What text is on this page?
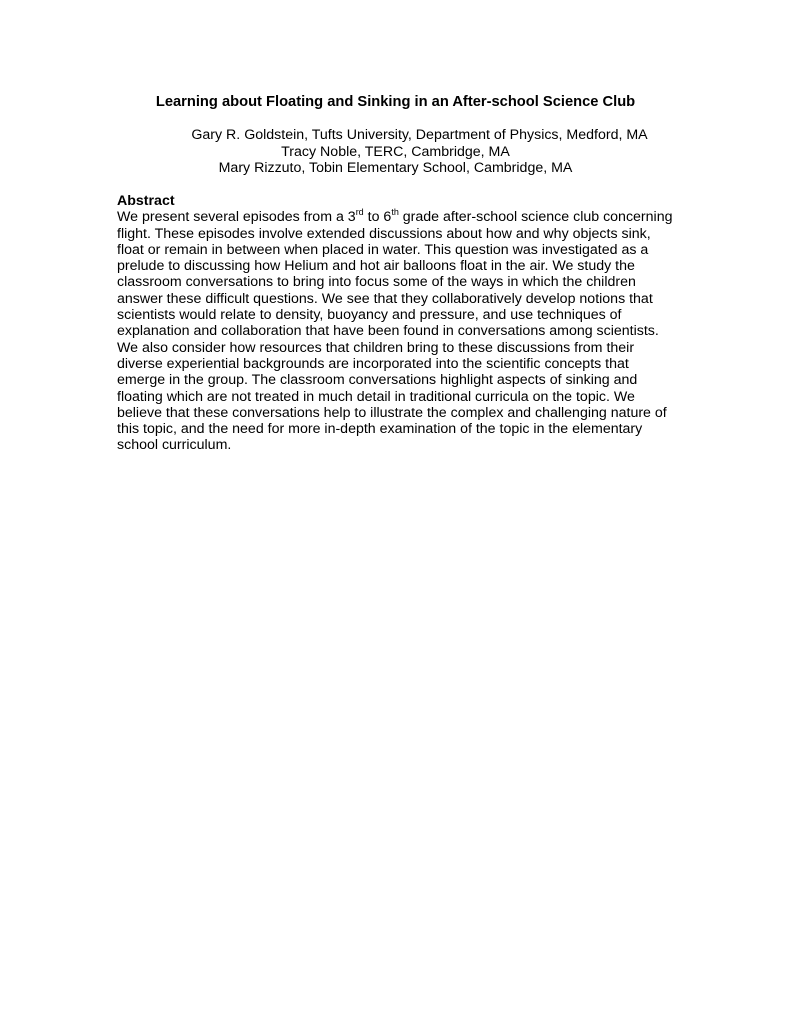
Learning about Floating and Sinking in an After-school Science Club
Gary R. Goldstein, Tufts University, Department of Physics, Medford, MA
Tracy Noble, TERC, Cambridge, MA
Mary Rizzuto, Tobin Elementary School, Cambridge, MA
Abstract
We present several episodes from a 3rd to 6th grade after-school science club concerning
flight. These episodes involve extended discussions about how and why objects sink,
float or remain in between when placed in water. This question was investigated as a
prelude to discussing how Helium and hot air balloons float in the air. We study the
classroom conversations to bring into focus some of the ways in which the children
answer these difficult questions. We see that they collaboratively develop notions that
scientists would relate to density, buoyancy and pressure, and use techniques of
explanation and collaboration that have been found in conversations among scientists.
We also consider how resources that children bring to these discussions from their
diverse experiential backgrounds are incorporated into the scientific concepts that
emerge in the group. The classroom conversations highlight aspects of sinking and
floating which are not treated in much detail in traditional curricula on the topic. We
believe that these conversations help to illustrate the complex and challenging nature of
this topic, and the need for more in-depth examination of the topic in the elementary
school curriculum.
